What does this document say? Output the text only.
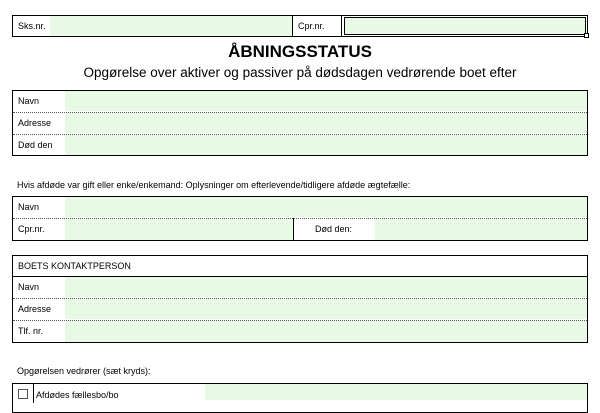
Sks.nr.	Cpr.nr.
ÅBNINGSSTATUS
Opgørelse over aktiver og passiver på dødsdagen vedrørende boet efter
Navn
Adresse
Død den
Hvis afdøde var gift eller enke/enkemand: Oplysninger om efterlevende/tidligere afdøde ægtefælle:
Navn
Cpr.nr.	Død den:
BOETS KONTAKTPERSON
Navn
Adresse
Tlf. nr.
Opgørelsen vedrører (sæt kryds):
Afdødes fællesbo/bo
